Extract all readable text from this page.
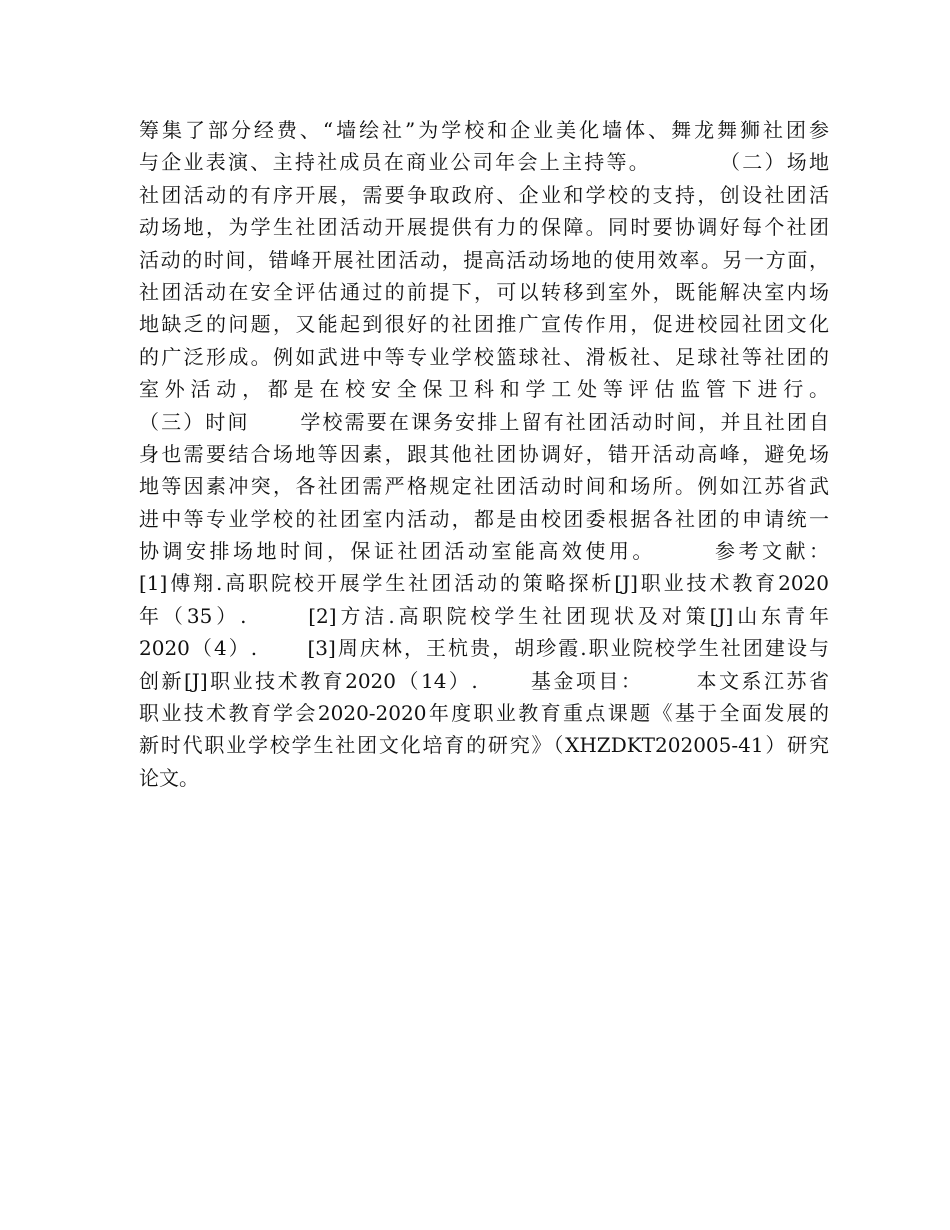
筹集了部分经费、“墙绘社”为学校和企业美化墙体、舞龙舞狮社团参
与企业表演、主持社成员在商业公司年会上主持等。        （二）场地
社团活动的有序开展，需要争取政府、企业和学校的支持，创设社团活
动场地，为学生社团活动开展提供有力的保障。同时要协调好每个社团
活动的时间，错峰开展社团活动，提高活动场地的使用效率。另一方面，
社团活动在安全评估通过的前提下，可以转移到室外，既能解决室内场
地缺乏的问题，又能起到很好的社团推广宣传作用，促进校园社团文化
的广泛形成。例如武进中等专业学校篮球社、滑板社、足球社等社团的
室外活动，都是在校安全保卫科和学工处等评估监管下进行。
（三）时间      学校需要在课务安排上留有社团活动时间，并且社团自
身也需要结合场地等因素，跟其他社团协调好，错开活动高峰，避免场
地等因素冲突，各社团需严格规定社团活动时间和场所。例如江苏省武
进中等专业学校的社团室内活动，都是由校团委根据各社团的申请统一
协调安排场地时间，保证社团活动室能高效使用。      参考文献：
[1]傅翔.高职院校开展学生社团活动的策略探析[J]职业技术教育2020
年（35）.      [2]方洁.高职院校学生社团现状及对策[J]山东青年
2020（4）.      [3]周庆林，王杭贵，胡珍霞.职业院校学生社团建设与
创新[J]职业技术教育2020（14）.      基金项目：      本文系江苏省
职业技术教育学会2020-2020年度职业教育重点课题《基于全面发展的
新时代职业学校学生社团文化培育的研究》（XHZDKT202005-41）研究
论文。
